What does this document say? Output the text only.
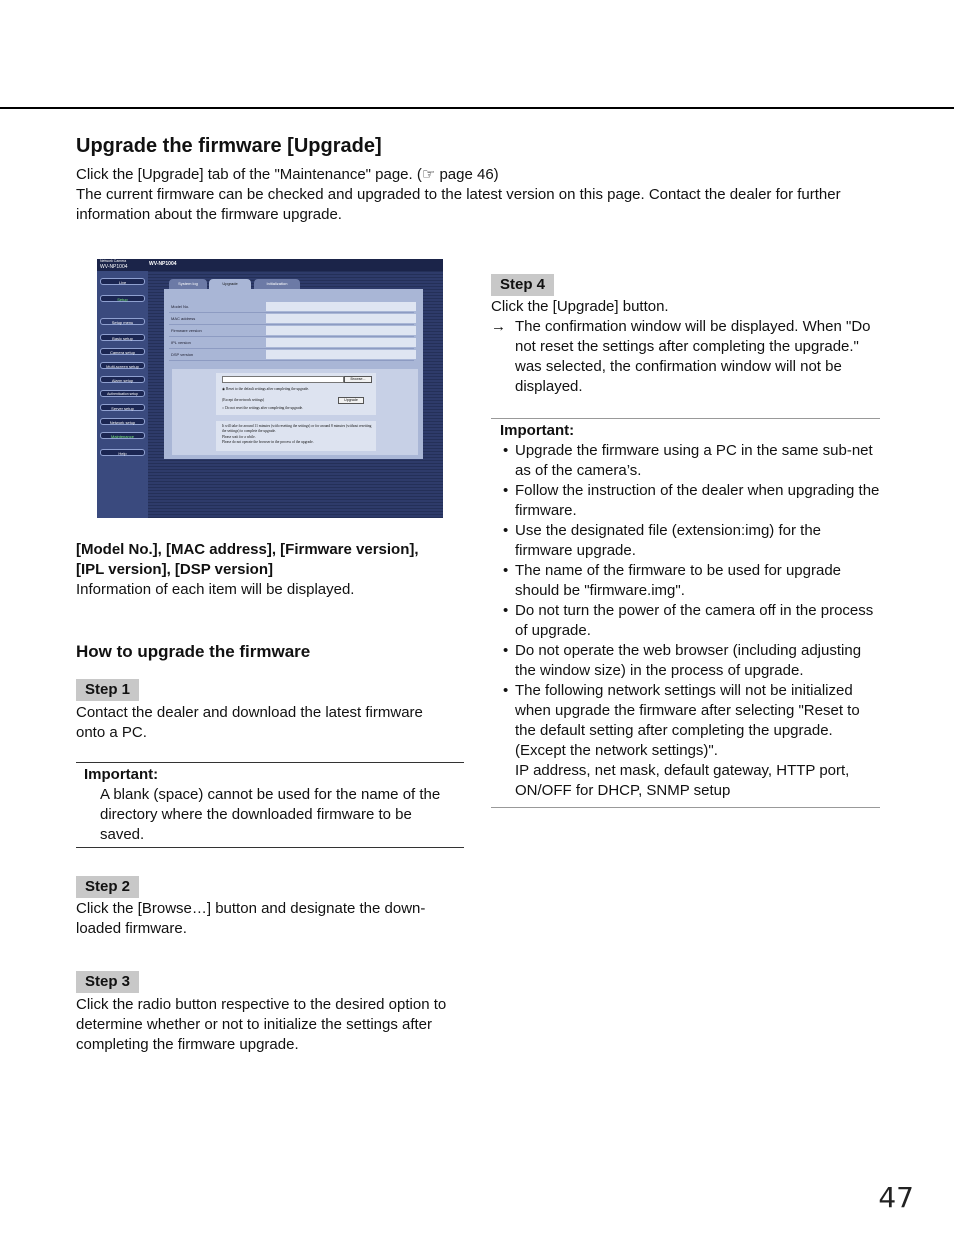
Upgrade the firmware [Upgrade]
Click the [Upgrade] tab of the "Maintenance" page. (☞ page 46)
The current firmware can be checked and upgraded to the latest version on this page. Contact the dealer for further information about the firmware upgrade.
Network Camera
WV-NP1004	WV-NP1004
Live
Setup
Setup menu
Basic setup
Camera setup
Multi-screen setup
Alarm setup
Authentication setup
Server setup
Network setup
Maintenance
Help
System log	Upgrade	Initialization
Model No.
MAC address
Firmware version
IPL version
DSP version
Browse...
◉ Reset to the default settings after completing the upgrade.
(Except the network settings)	Upgrade
○ Do not reset the settings after completing the upgrade.
It will take for around 11 minutes (with resetting the settings) or for around 8 minutes (without resetting the settings) to complete the upgrade.
Please wait for a while.
Please do not operate the browser in the process of the upgrade.
[Model No.], [MAC address], [Firmware version],
[IPL version], [DSP version]
Information of each item will be displayed.
How to upgrade the firmware
Step 1
Contact the dealer and download the latest firmware onto a PC.
Important:
A blank (space) cannot be used for the name of the directory where the downloaded firmware to be saved.
Step 2
Click the [Browse…] button and designate the down-loaded firmware.
Step 3
Click the radio button respective to the desired option to determine whether or not to initialize the settings after completing the firmware upgrade.
Step 4
Click the [Upgrade] button.
→ The confirmation window will be displayed. When "Do not reset the settings after completing the upgrade." was selected, the confirmation window will not be displayed.
Important:
• Upgrade the firmware using a PC in the same sub-net as of the camera’s.
• Follow the instruction of the dealer when upgrading the firmware.
• Use the designated file (extension:img) for the firmware upgrade.
• The name of the firmware to be used for upgrade should be "firmware.img".
• Do not turn the power of the camera off in the process of upgrade.
• Do not operate the web browser (including adjusting the window size) in the process of upgrade.
• The following network settings will not be initialized when upgrade the firmware after selecting "Reset to the default setting after completing the upgrade. (Except the network settings)".
IP address, net mask, default gateway, HTTP port, ON/OFF for DHCP, SNMP setup
47
